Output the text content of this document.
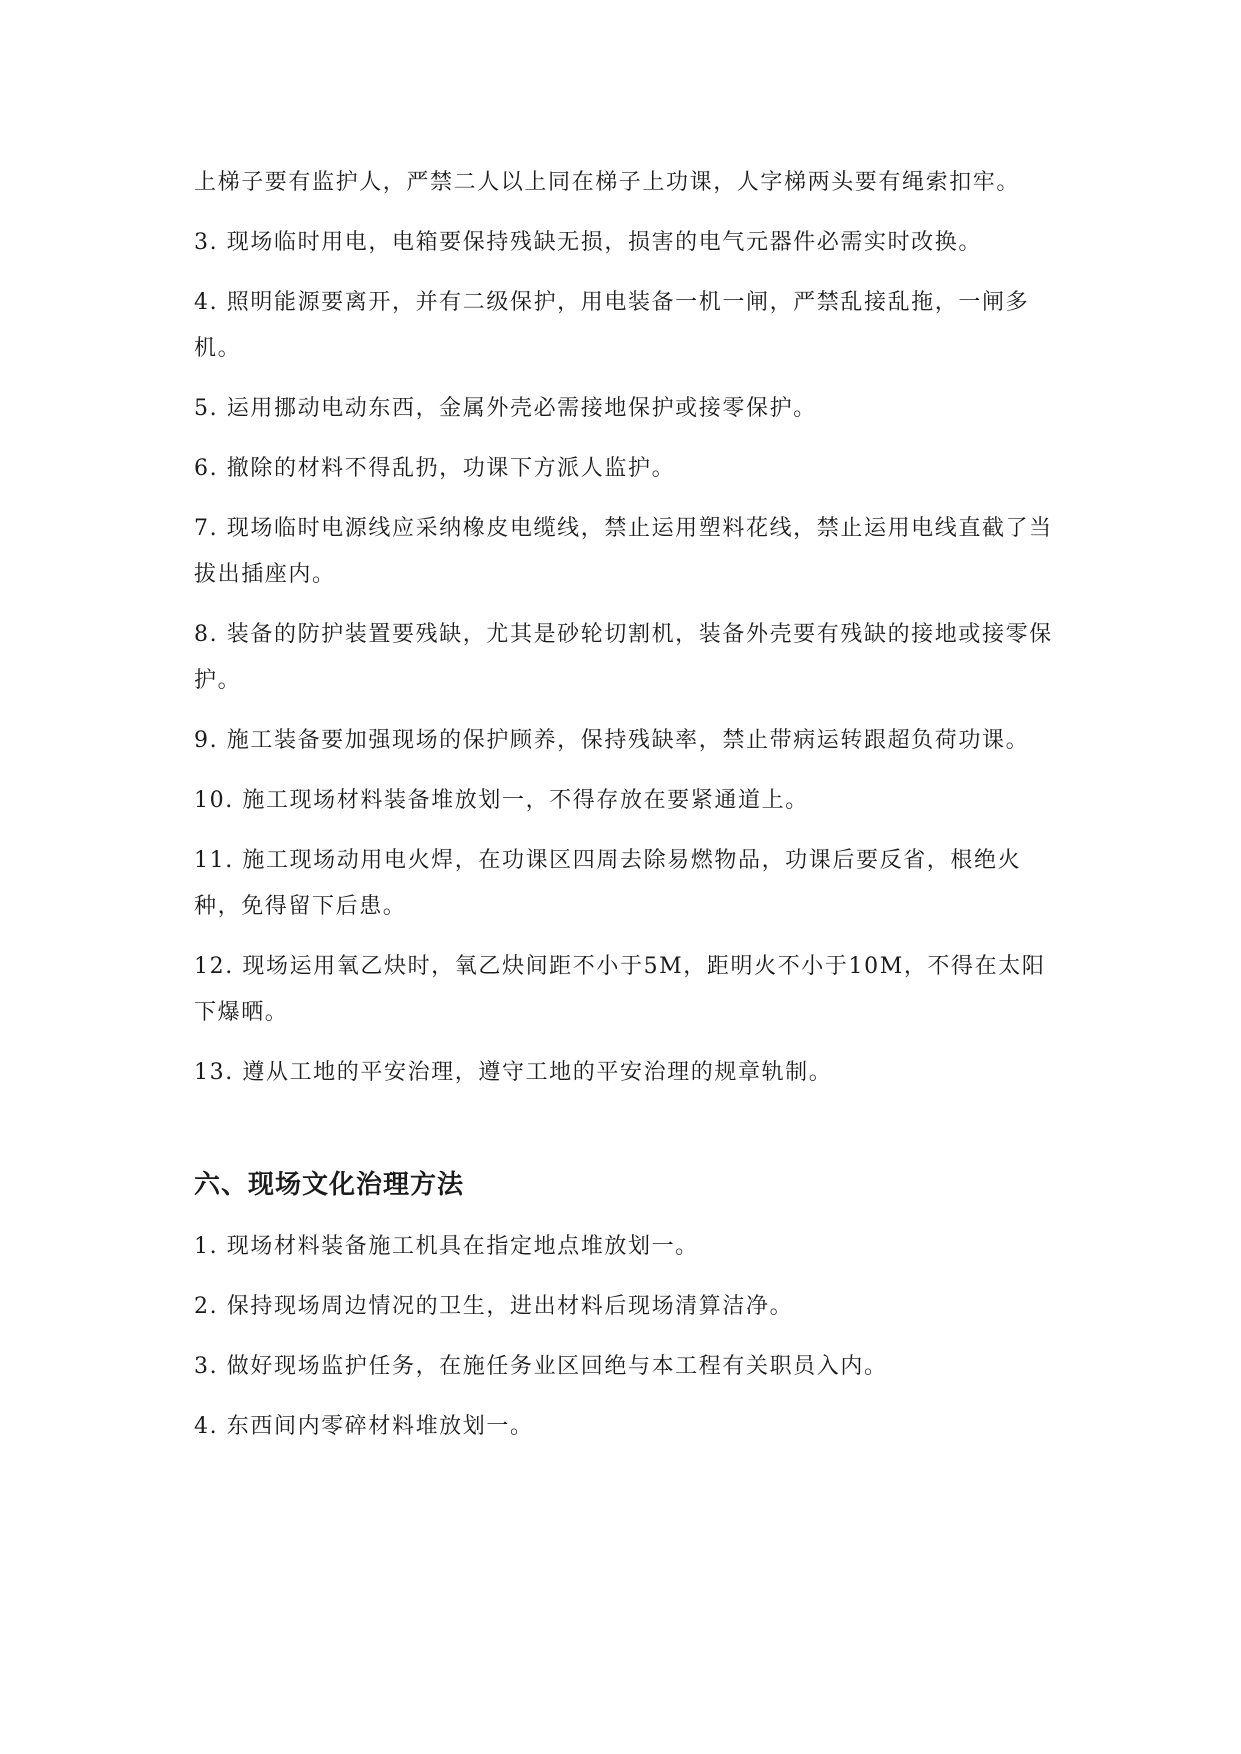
上梯子要有监护人，严禁二人以上同在梯子上功课，人字梯两头要有绳索扣牢。

3. 现场临时用电，电箱要保持残缺无损，损害的电气元器件必需实时改换。

4. 照明能源要离开，并有二级保护，用电装备一机一闸，严禁乱接乱拖，一闸多机。

5. 运用挪动电动东西，金属外壳必需接地保护或接零保护。

6. 撤除的材料不得乱扔，功课下方派人监护。

7. 现场临时电源线应采纳橡皮电缆线，禁止运用塑料花线，禁止运用电线直截了当拔出插座内。

8. 装备的防护装置要残缺，尤其是砂轮切割机，装备外壳要有残缺的接地或接零保护。

9. 施工装备要加强现场的保护顾养，保持残缺率，禁止带病运转跟超负荷功课。

10. 施工现场材料装备堆放划一，不得存放在要紧通道上。

11. 施工现场动用电火焊，在功课区四周去除易燃物品，功课后要反省，根绝火种，免得留下后患。

12. 现场运用氧乙炔时，氧乙炔间距不小于5M，距明火不小于10M，不得在太阳下爆晒。

13. 遵从工地的平安治理，遵守工地的平安治理的规章轨制。

六、现场文化治理方法

1. 现场材料装备施工机具在指定地点堆放划一。

2. 保持现场周边情况的卫生，进出材料后现场清算洁净。

3. 做好现场监护任务，在施任务业区回绝与本工程有关职员入内。

4. 东西间内零碎材料堆放划一。
